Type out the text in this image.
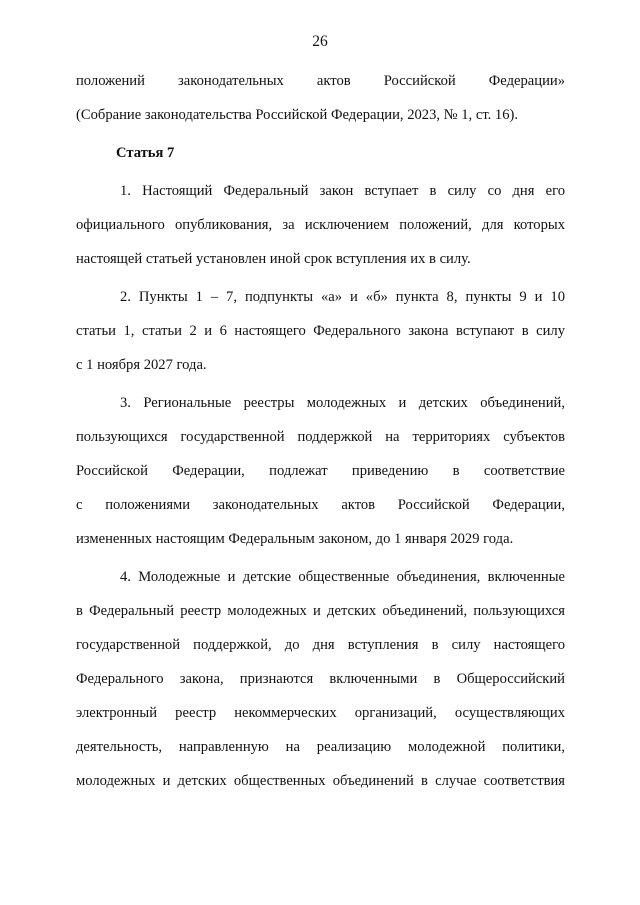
26
положений законодательных актов Российской Федерации»
(Собрание законодательства Российской Федерации, 2023, № 1, ст. 16).
Статья 7
1. Настоящий Федеральный закон вступает в силу со дня его
официального опубликования, за исключением положений, для которых
настоящей статьей установлен иной срок вступления их в силу.
2. Пункты 1 – 7, подпункты «а» и «б» пункта 8, пункты 9 и 10
статьи 1, статьи 2 и 6 настоящего Федерального закона вступают в силу
с 1 ноября 2027 года.
3. Региональные реестры молодежных и детских объединений,
пользующихся государственной поддержкой на территориях субъектов
Российской Федерации, подлежат приведению в соответствие
с положениями законодательных актов Российской Федерации,
измененных настоящим Федеральным законом, до 1 января 2029 года.
4. Молодежные и детские общественные объединения, включенные
в Федеральный реестр молодежных и детских объединений, пользующихся
государственной поддержкой, до дня вступления в силу настоящего
Федерального закона, признаются включенными в Общероссийский
электронный реестр некоммерческих организаций, осуществляющих
деятельность, направленную на реализацию молодежной политики,
молодежных и детских общественных объединений в случае соответствия
